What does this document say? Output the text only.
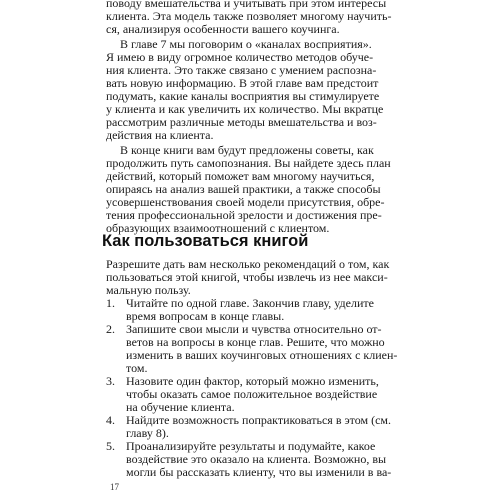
поводу вмешательства и учитывать при этом интересы
клиента. Эта модель также позволяет многому научить-
ся, анализируя особенности вашего коучинга.
В главе 7 мы поговорим о «каналах восприятия».
Я имею в виду огромное количество методов обуче-
ния клиента. Это также связано с умением распозна-
вать новую информацию. В этой главе вам предстоит
подумать, какие каналы восприятия вы стимулируете
у клиента и как увеличить их количество. Мы вкратце
рассмотрим различные методы вмешательства и воз-
действия на клиента.
В конце книги вам будут предложены советы, как
продолжить путь самопознания. Вы найдете здесь план
действий, который поможет вам многому научиться,
опираясь на анализ вашей практики, а также способы
усовершенствования своей модели присутствия, обре-
тения профессиональной зрелости и достижения пре-
образующих взаимоотношений с клиентом.
Как пользоваться книгой
Разрешите дать вам несколько рекомендаций о том, как
пользоваться этой книгой, чтобы извлечь из нее макси-
мальную пользу.
1. Читайте по одной главе. Закончив главу, уделите
время вопросам в конце главы.
2. Запишите свои мысли и чувства относительно от-
ветов на вопросы в конце глав. Решите, что можно
изменить в ваших коучинговых отношениях с клиен-
том.
3. Назовите один фактор, который можно изменить,
чтобы оказать самое положительное воздействие
на обучение клиента.
4. Найдите возможность попрактиковаться в этом (см.
главу 8).
5. Проанализируйте результаты и подумайте, какое
воздействие это оказало на клиента. Возможно, вы
могли бы рассказать клиенту, что вы изменили в ва-
17
